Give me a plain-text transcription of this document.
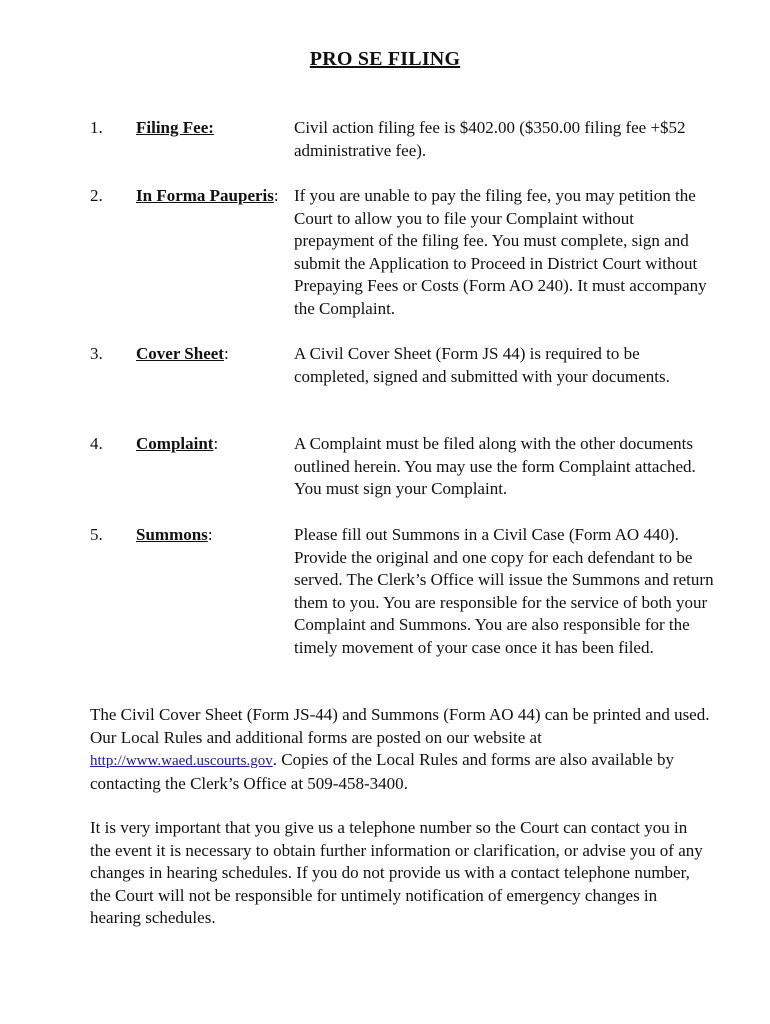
PRO SE FILING
1.	Filing Fee:	Civil action filing fee is $402.00 ($350.00 filing fee +$52 administrative fee).
2.	In Forma Pauperis: If you are unable to pay the filing fee, you may petition the Court to allow you to file your Complaint without prepayment of the filing fee. You must complete, sign and submit the Application to Proceed in District Court without Prepaying Fees or Costs (Form AO 240). It must accompany the Complaint.
3.	Cover Sheet:	A Civil Cover Sheet (Form JS 44) is required to be completed, signed and submitted with your documents.
4.	Complaint:	A Complaint must be filed along with the other documents outlined herein. You may use the form Complaint attached. You must sign your Complaint.
5.	Summons:	Please fill out Summons in a Civil Case (Form AO 440). Provide the original and one copy for each defendant to be served. The Clerk’s Office will issue the Summons and return them to you. You are responsible for the service of both your Complaint and Summons. You are also responsible for the timely movement of your case once it has been filed.
The Civil Cover Sheet (Form JS-44) and Summons (Form AO 44) can be printed and used. Our Local Rules and additional forms are posted on our website at http://www.waed.uscourts.gov. Copies of the Local Rules and forms are also available by contacting the Clerk’s Office at 509-458-3400.
It is very important that you give us a telephone number so the Court can contact you in the event it is necessary to obtain further information or clarification, or advise you of any changes in hearing schedules. If you do not provide us with a contact telephone number, the Court will not be responsible for untimely notification of emergency changes in hearing schedules.
